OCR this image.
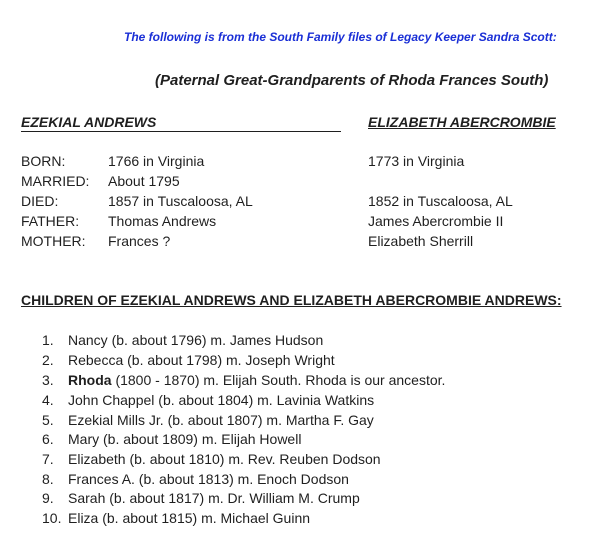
The following is from the South Family files of Legacy Keeper Sandra Scott:
(Paternal Great-Grandparents of Rhoda Frances South)
EZEKIAL ANDREWS	ELIZABETH ABERCROMBIE
BORN:	1766 in Virginia	1773 in Virginia
MARRIED: About 1795
DIED:	1857 in Tuscaloosa, AL	1852 in Tuscaloosa, AL
FATHER: Thomas Andrews	James Abercrombie II
MOTHER: Frances ?	Elizabeth Sherrill
CHILDREN OF EZEKIAL ANDREWS AND ELIZABETH ABERCROMBIE ANDREWS:
1. Nancy (b. about 1796) m. James Hudson
2. Rebecca (b. about 1798) m. Joseph Wright
3. Rhoda (1800 - 1870) m. Elijah South. Rhoda is our ancestor.
4. John Chappel (b. about 1804) m. Lavinia Watkins
5. Ezekial Mills Jr. (b. about 1807) m. Martha F. Gay
6. Mary (b. about 1809) m. Elijah Howell
7. Elizabeth (b. about 1810) m. Rev. Reuben Dodson
8. Frances A. (b. about 1813) m. Enoch Dodson
9. Sarah (b. about 1817) m. Dr. William M. Crump
10. Eliza (b. about 1815) m. Michael Guinn
